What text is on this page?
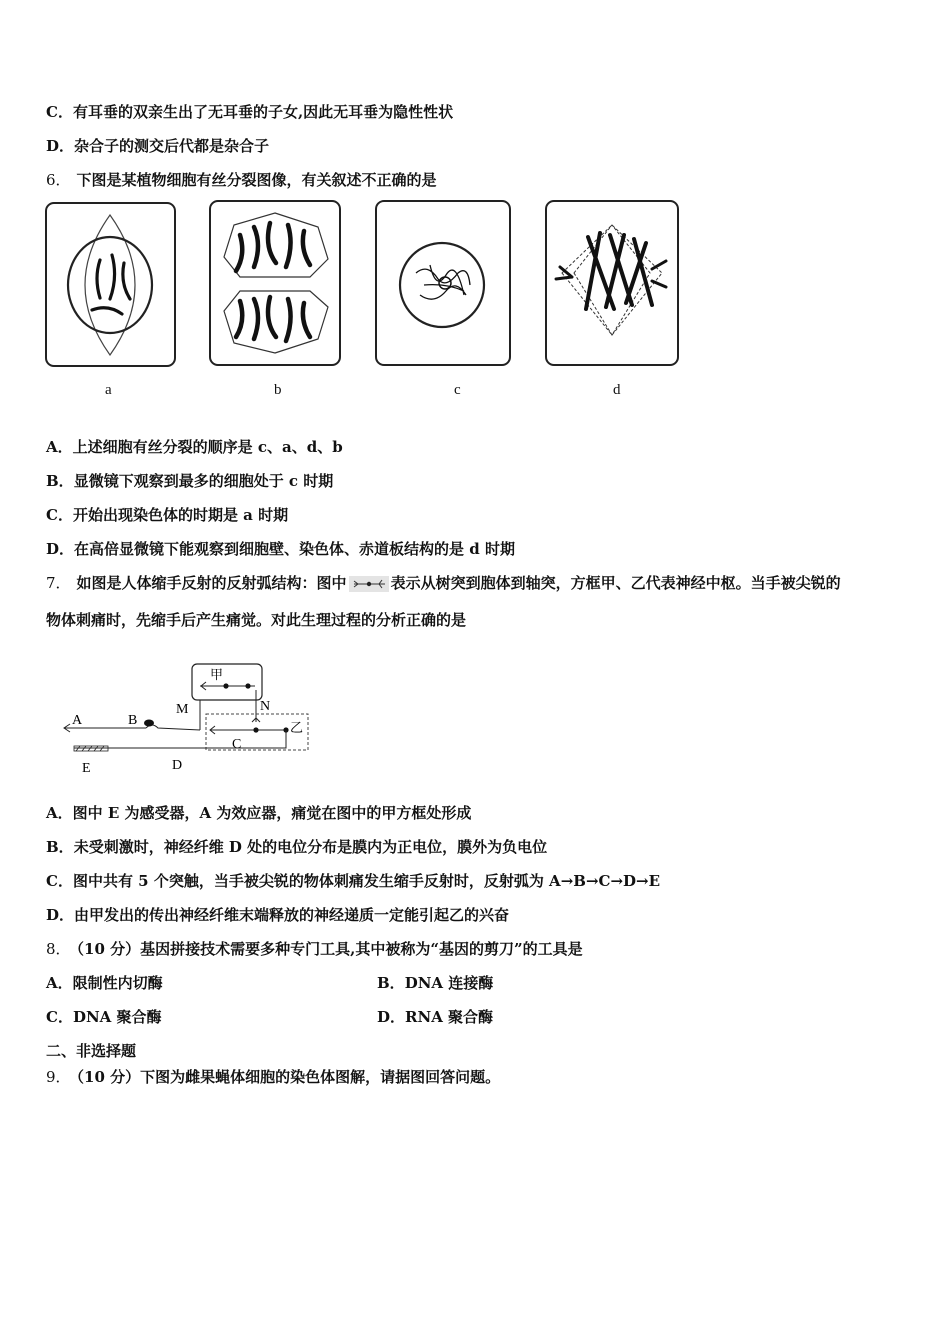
C．有耳垂的双亲生出了无耳垂的子女,因此无耳垂为隐性性状
D．杂合子的测交后代都是杂合子
6． 下图是某植物细胞有丝分裂图像，有关叙述不正确的是
a	b	c	d
A．上述细胞有丝分裂的顺序是 c、a、d、b
B．显微镜下观察到最多的细胞处于 c 时期
C．开始出现染色体的时期是 a 时期
D．在高倍显微镜下能观察到细胞壁、染色体、赤道板结构的是 d 时期
7． 如图是人体缩手反射的反射弧结构：图中	表示从树突到胞体到轴突，方框甲、乙代表神经中枢。当手被尖锐的
物体刺痛时，先缩手后产生痛觉。对此生理过程的分析正确的是
甲
M	N
乙
A	B
C
D
E
A．图中 E 为感受器，A 为效应器，痛觉在图中的甲方框处形成
B．未受刺激时，神经纤维 D 处的电位分布是膜内为正电位，膜外为负电位
C．图中共有 5 个突触，当手被尖锐的物体刺痛发生缩手反射时，反射弧为 A→B→C→D→E
D．由甲发出的传出神经纤维末端释放的神经递质一定能引起乙的兴奋
8． （10 分）基因拼接技术需要多种专门工具,其中被称为“基因的剪刀”的工具是
A．限制性内切酶	B．DNA 连接酶
C．DNA 聚合酶	D．RNA 聚合酶
二、非选择题
9． （10 分）下图为雌果蝇体细胞的染色体图解，请据图回答问题。
